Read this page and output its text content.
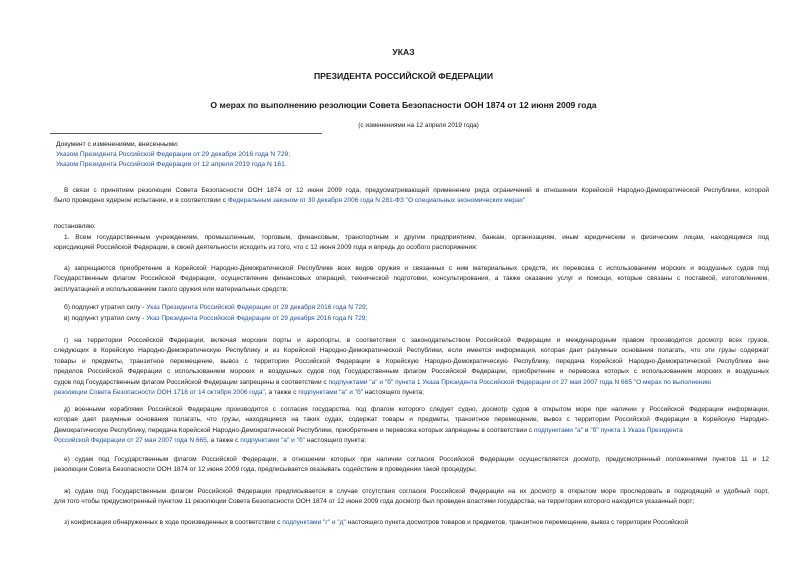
УКАЗ
ПРЕЗИДЕНТА РОССИЙСКОЙ ФЕДЕРАЦИИ
О мерах по выполнению резолюции Совета Безопасности ООН 1874 от 12 июня 2009 года
(с изменениями на 12 апреля 2019 года)
Документ с изменениями, внесенными:
Указом Президента Российской Федерации от 29 декабря 2016 года N 729;
Указом Президента Российской Федерации от 12 апреля 2019 года N 161.
В связи с принятием резолюции Совета Безопасности ООН 1874 от 12 июня 2009 года, предусматривающей применение ряда ограничений в отношении Корейской Народно-Демократической Республики, которой
было проведено ядерное испытание, и в соответствии с Федеральным законом от 30 декабря 2006 года N 281-ФЗ "О специальных экономических мерах"
постановляю:
1. Всем государственным учреждениям, промышленным, торговым, финансовым, транспортным и другим предприятиям, банкам, организациям, иным юридическим и физическим лицам, находящимся под
юрисдикцией Российской Федерации, в своей деятельности исходить из того, что с 12 июня 2009 года и впредь до особого распоряжения:
а) запрещаются приобретение в Корейской Народно-Демократической Республике всех видов оружия и связанных с ним материальных средств, их перевозка с использованием морских и воздушных судов под
Государственным флагом Российской Федерации, осуществление финансовых операций, технической подготовки, консультирования, а также оказание услуг и помощи, которые связаны с поставкой, изготовлением,
эксплуатацией и использованием такого оружия или материальных средств;
б) подпункт утратил силу - Указ Президента Российской Федерации от 29 декабря 2016 года N 729;
в) подпункт утратил силу - Указ Президента Российской Федерации от 29 декабря 2016 года N 729;
г) на территории Российской Федерации, включая морские порты и аэропорты, в соответствии с законодательством Российской Федерации и международным правом производится досмотр всех грузов,
следующих в Корейскую Народно-Демократическую Республику и из Корейской Народно-Демократической Республики, если имеется информация, которая дает разумные основания полагать, что эти грузы содержат
товары и предметы, транзитное перемещение, вывоз с территории Российской Федерации в Корейскую Народно-Демократическую Республику, передача Корейской Народно-Демократической Республике вне
пределов Российской Федерации с использованием морских и воздушных судов под Государственным флагом Российской Федерации, приобретение и перевозка которых с использованием морских и воздушных
судов под Государственным флагом Российской Федерации запрещены в соответствии с подпунктами "а" и "б" пункта 1 Указа Президента Российской Федерации от 27 мая 2007 года N 665 "О мерах по выполнению
резолюции Совета Безопасности ООН 1718 от 14 октября 2006 года", а также с подпунктами "а" и "б" настоящего пункта;
д) военными кораблями Российской Федерации производится с согласия государства, под флагом которого следует судно, досмотр судов в открытом море при наличии у Российской Федерации информации,
которая дает разумные основания полагать, что грузы, находящиеся на таких судах, содержат товары и предметы, транзитное перемещение, вывоз с территории Российской Федерации в Корейскую Народно-
Демократическую Республику, передача Корейской Народно-Демократической Республике, приобретение и перевозка которых запрещены в соответствии с подпунктами "а" и "б" пункта 1 Указа Президента
Российской Федерации от 27 мая 2007 года N 665, а также с подпунктами "а" и "б" настоящего пункта;
е) судам под Государственным флагом Российской Федерации, в отношении которых при наличии согласия Российской Федерации осуществляется досмотр, предусмотренный положениями пунктов 11 и 12
резолюции Совета Безопасности ООН 1874 от 12 июня 2009 года, предписывается оказывать содействие в проведении такой процедуры;
ж) судам под Государственным флагом Российской Федерации предписывается в случае отсутствия согласия Российской Федерации на их досмотр в открытом море проследовать в подходящий и удобный порт,
для того чтобы предусмотренный пунктом 11 резолюции Совета Безопасности ООН 1874 от 12 июня 2009 года досмотр был проведен властями государства, на территории которого находится указанный порт;
з) конфискация обнаруженных в ходе произведенных в соответствии с подпунктами "г" и "д" настоящего пункта досмотров товаров и предметов, транзитное перемещение, вывоз с территории Российской
